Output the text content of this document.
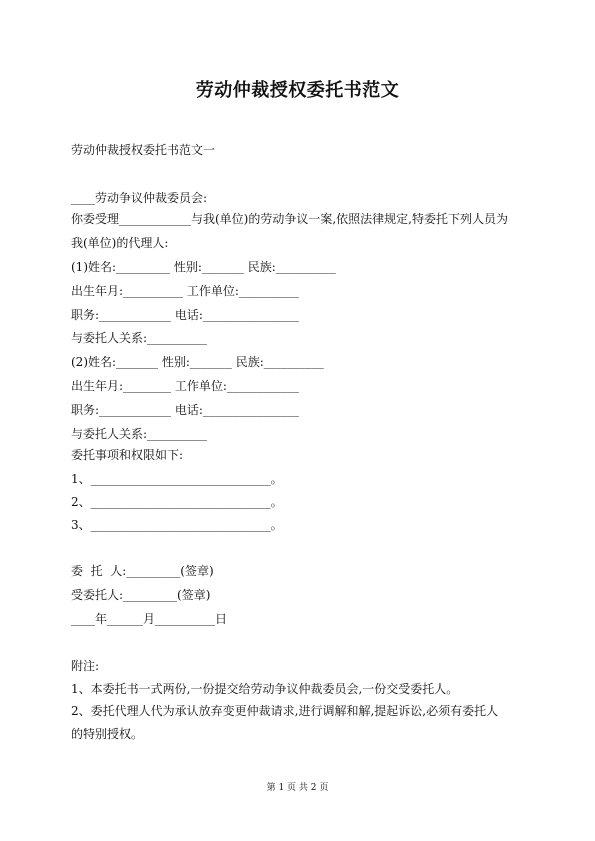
劳动仲裁授权委托书范文
劳动仲裁授权委托书范文一
____劳动争议仲裁委员会:
你委受理____________与我(单位)的劳动争议一案,依照法律规定,特委托下列人员为
我(单位)的代理人:
(1)姓名:_________ 性别:_______ 民族:__________
出生年月:__________ 工作单位:__________
职务:____________ 电话:________________
与委托人关系:__________
(2)姓名:_______ 性别:_______ 民族:__________
出生年月:________ 工作单位:____________
职务:____________ 电话:________________
与委托人关系:__________
委托事项和权限如下:
1、______________________________。
2、______________________________。
3、______________________________。
委  托  人:_________(签章)
受委托人:_________(签章)
____年______月__________日
附注:
1、本委托书一式两份,一份提交给劳动争议仲裁委员会,一份交受委托人。
2、委托代理人代为承认放弃变更仲裁请求,进行调解和解,提起诉讼,必须有委托人
的特别授权。
第 1 页 共 2 页
